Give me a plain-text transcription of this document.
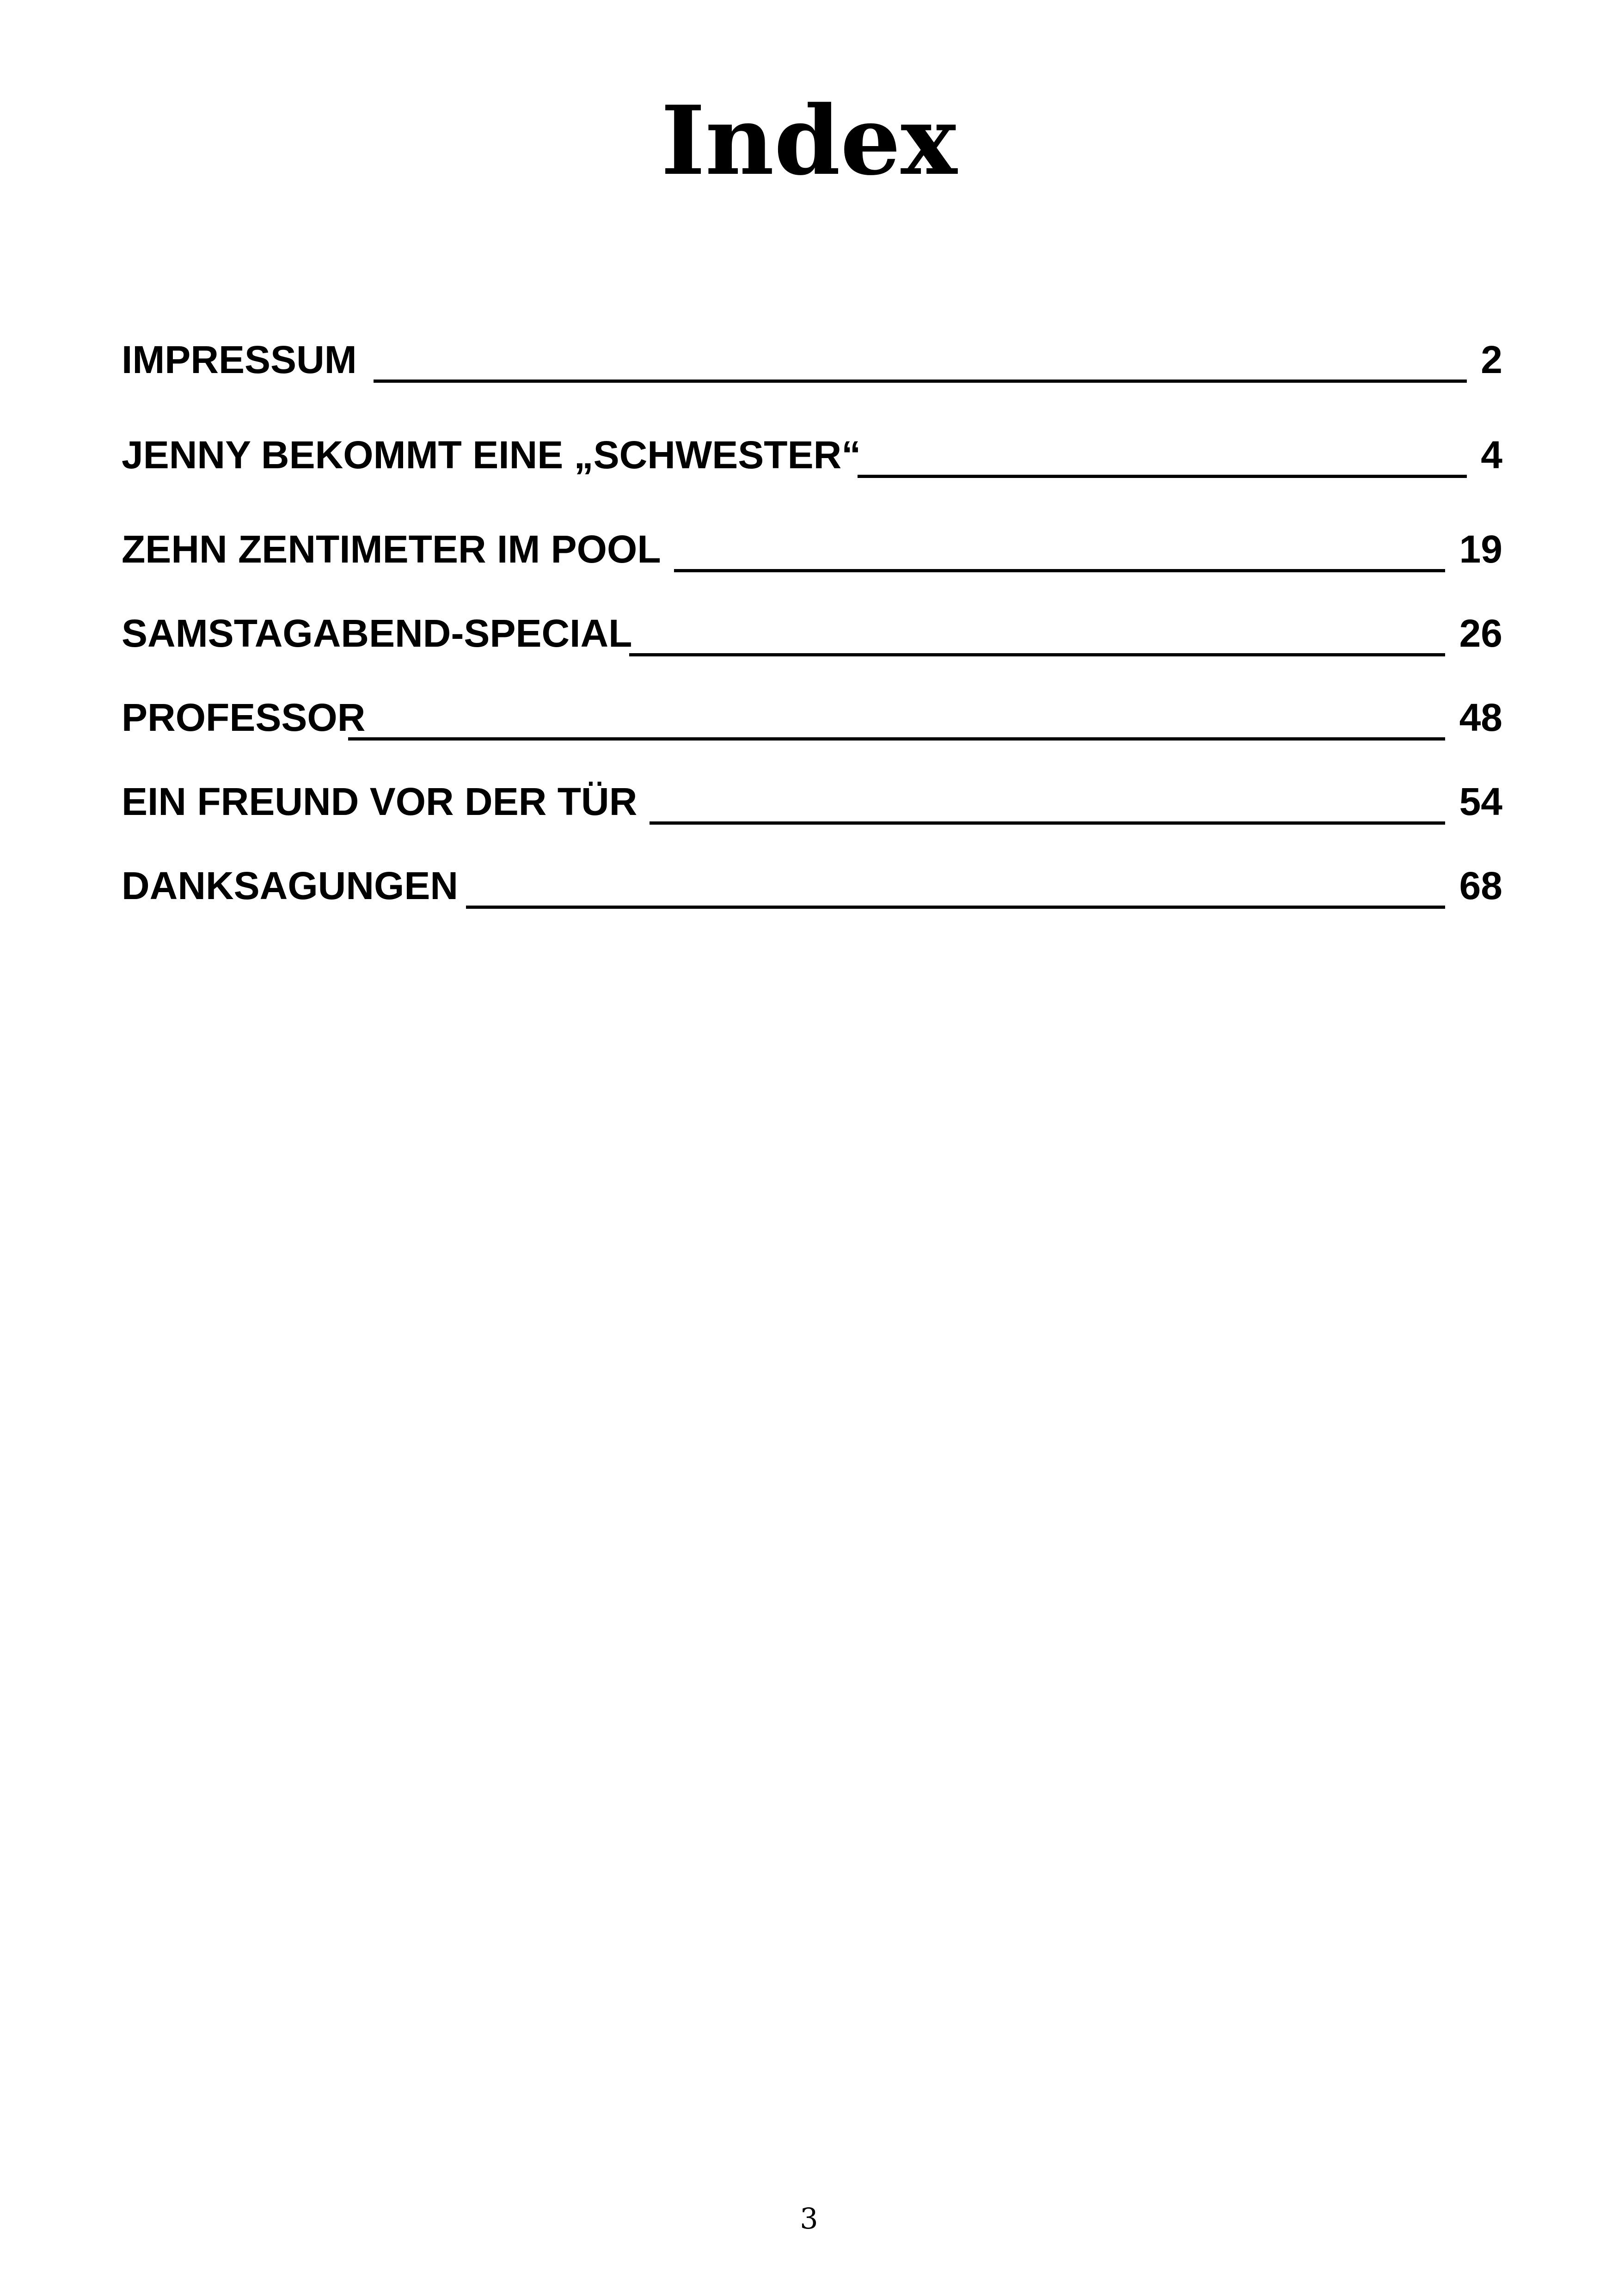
Index
IMPRESSUM	2
JENNY BEKOMMT EINE „SCHWESTER“	4
ZEHN ZENTIMETER IM POOL	19
SAMSTAGABEND-SPECIAL	26
PROFESSOR	48
EIN FREUND VOR DER TÜR	54
DANKSAGUNGEN	68
3
